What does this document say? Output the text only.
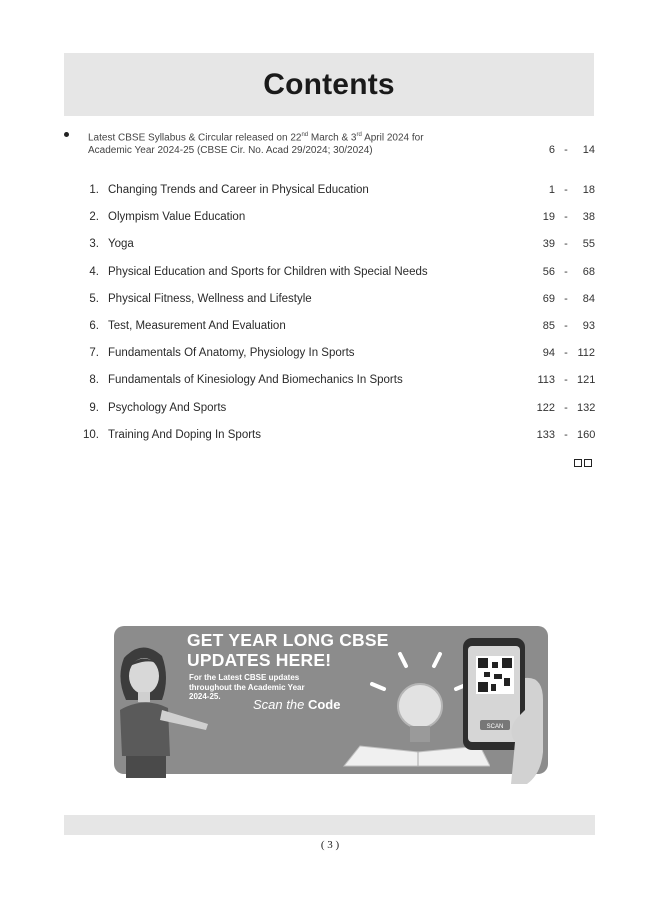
Contents
Latest CBSE Syllabus & Circular released on 22nd March & 3rd April 2024 for
Academic Year 2024-25 (CBSE Cir. No. Acad 29/2024; 30/2024)	6 -	14
1. Changing Trends and Career in Physical Education	1 -	18
2. Olympism Value Education	19 -	38
3. Yoga	39 -	55
4. Physical Education and Sports for Children with Special Needs	56 -	68
5. Physical Fitness, Wellness and Lifestyle	69 -	84
6. Test, Measurement And Evaluation	85 -	93
7. Fundamentals Of Anatomy, Physiology In Sports	94 - 112
8. Fundamentals of Kinesiology And Biomechanics In Sports	113 - 121
9. Psychology And Sports	122 - 132
10. Training And Doping In Sports	133 - 160
GET YEAR LONG CBSE
UPDATES HERE!
For the Latest CBSE updates
throughout the Academic Year
2024-25.
Scan the Code
SCAN
( 3 )
